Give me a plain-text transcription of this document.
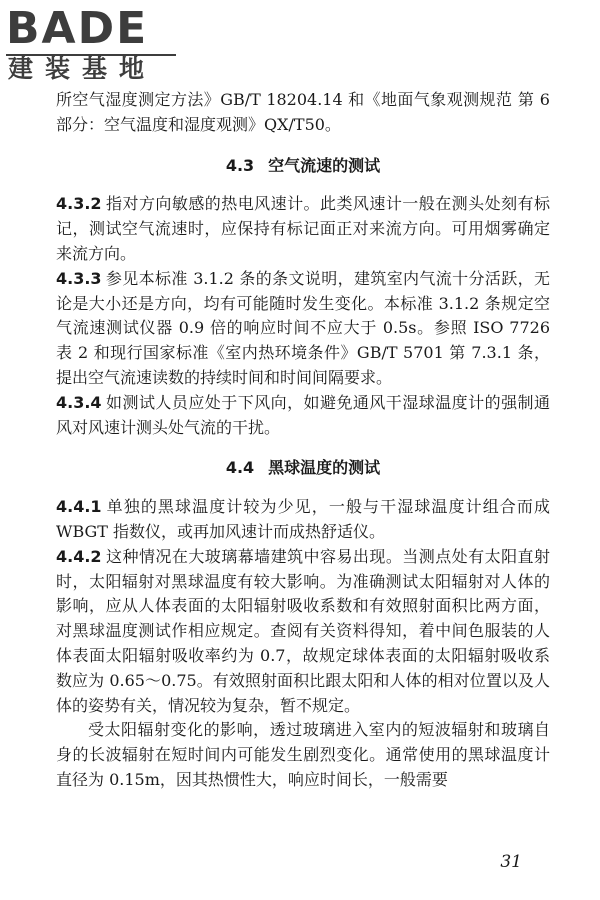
BADE
建装基地

所空气湿度测定方法》GB/T 18204.14 和《地面气象观测规范 第 6 部分：空气温度和湿度观测》QX/T50。

4.3 空气流速的测试

4.3.2 指对方向敏感的热电风速计。此类风速计一般在测头处刻有标记，测试空气流速时，应保持有标记面正对来流方向。可用烟雾确定来流方向。

4.3.3 参见本标准 3.1.2 条的条文说明，建筑室内气流十分活跃，无论是大小还是方向，均有可能随时发生变化。本标准 3.1.2 条规定空气流速测试仪器 0.9 倍的响应时间不应大于 0.5s。参照 ISO 7726 表 2 和现行国家标准《室内热环境条件》GB/T 5701 第 7.3.1 条，提出空气流速读数的持续时间和时间间隔要求。

4.3.4 如测试人员应处于下风向，如避免通风干湿球温度计的强制通风对风速计测头处气流的干扰。

4.4 黑球温度的测试

4.4.1 单独的黑球温度计较为少见，一般与干湿球温度计组合而成 WBGT 指数仪，或再加风速计而成热舒适仪。

4.4.2 这种情况在大玻璃幕墙建筑中容易出现。当测点处有太阳直射时，太阳辐射对黑球温度有较大影响。为准确测试太阳辐射对人体的影响，应从人体表面的太阳辐射吸收系数和有效照射面积比两方面，对黑球温度测试作相应规定。查阅有关资料得知，着中间色服装的人体表面太阳辐射吸收率约为 0.7，故规定球体表面的太阳辐射吸收系数应为 0.65～0.75。有效照射面积比跟太阳和人体的相对位置以及人体的姿势有关，情况较为复杂，暂不规定。

受太阳辐射变化的影响，透过玻璃进入室内的短波辐射和玻璃自身的长波辐射在短时间内可能发生剧烈变化。通常使用的黑球温度计直径为 0.15m，因其热惯性大，响应时间长，一般需要

31
